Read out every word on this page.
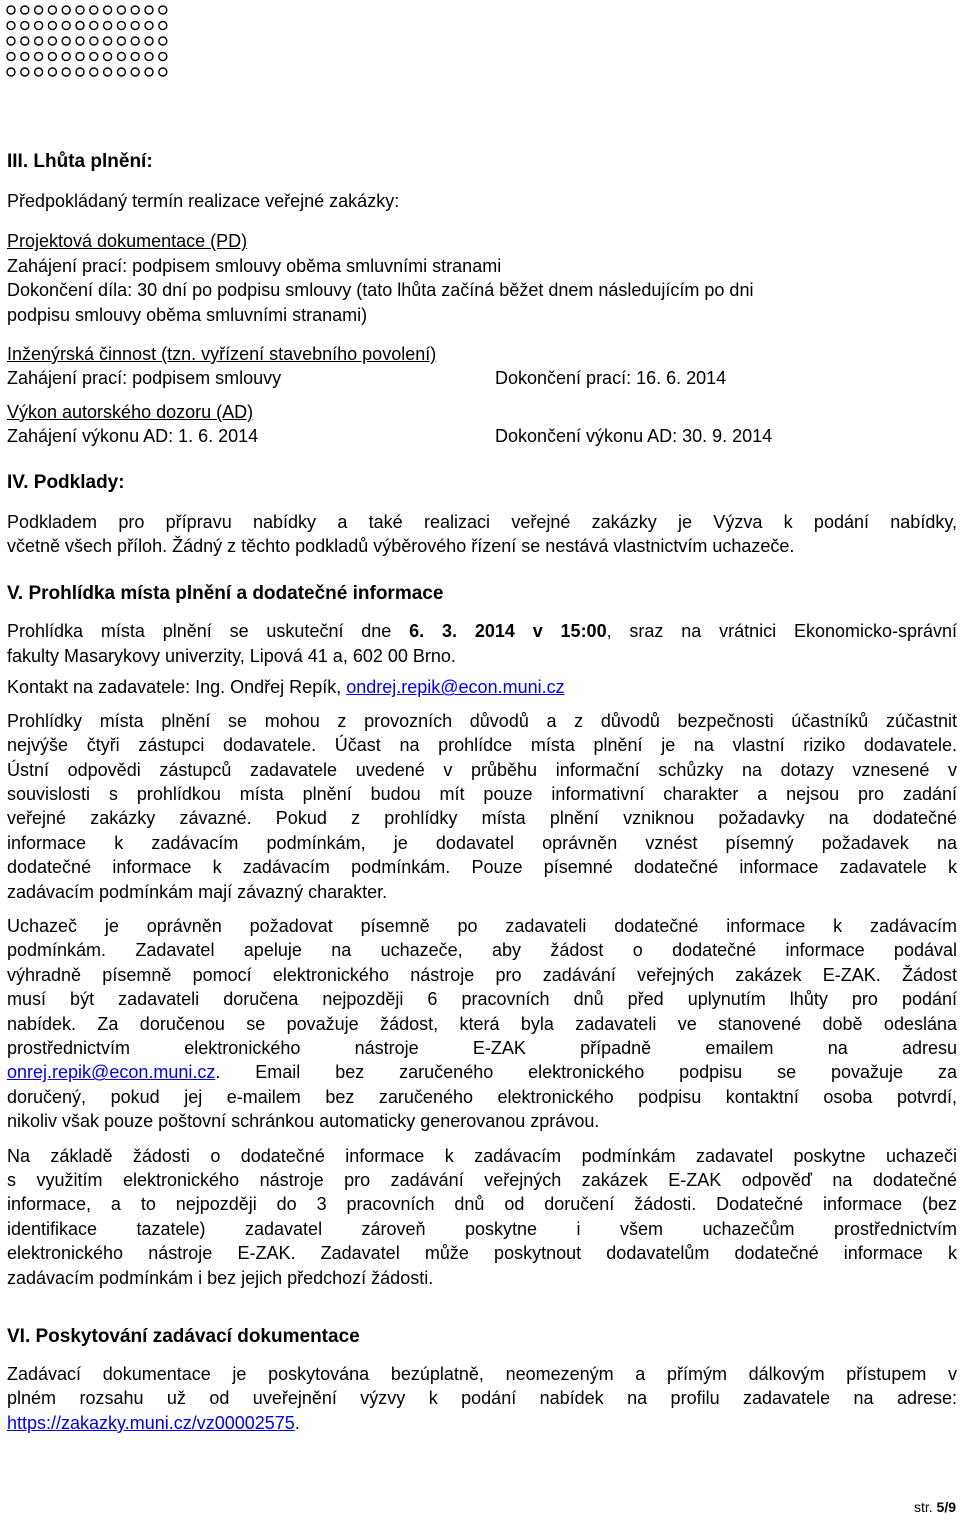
III. Lhůta plnění:

Předpokládaný termín realizace veřejné zakázky:

Projektová dokumentace (PD)

Zahájení prací: podpisem smlouvy oběma smluvními stranami

Dokončení díla: 30 dní po podpisu smlouvy (tato lhůta začíná běžet dnem následujícím po dni

podpisu smlouvy oběma smluvními stranami)

Inženýrská činnost (tzn. vyřízení stavebního povolení)

Zahájení prací: podpisem smlouvy	Dokončení prací: 16. 6. 2014

Výkon autorského dozoru (AD)

Zahájení výkonu AD: 1. 6. 2014	Dokončení výkonu AD: 30. 9. 2014

IV. Podklady:

Podkladem pro přípravu nabídky a také realizaci veřejné zakázky je Výzva k podání nabídky,

včetně všech příloh. Žádný z těchto podkladů výběrového řízení se nestává vlastnictvím uchazeče.

V. Prohlídka místa plnění a dodatečné informace

Prohlídka místa plnění se uskuteční dne 6. 3. 2014 v 15:00, sraz na vrátnici Ekonomicko-správní

fakulty Masarykovy univerzity, Lipová 41 a, 602 00 Brno.

Kontakt na zadavatele: Ing. Ondřej Repík, ondrej.repik@econ.muni.cz

Prohlídky místa plnění se mohou z provozních důvodů a z důvodů bezpečnosti účastníků zúčastnit

nejvýše čtyři zástupci dodavatele. Účast na prohlídce místa plnění je na vlastní riziko dodavatele.

Ústní odpovědi zástupců zadavatele uvedené v průběhu informační schůzky na dotazy vznesené v

souvislosti s prohlídkou místa plnění budou mít pouze informativní charakter a nejsou pro zadání

veřejné zakázky závazné. Pokud z prohlídky místa plnění vzniknou požadavky na dodatečné

informace k zadávacím podmínkám, je dodavatel oprávněn vznést písemný požadavek na

dodatečné informace k zadávacím podmínkám. Pouze písemné dodatečné informace zadavatele k

zadávacím podmínkám mají závazný charakter.

Uchazeč je oprávněn požadovat písemně po zadavateli dodatečné informace k zadávacím

podmínkám. Zadavatel apeluje na uchazeče, aby žádost o dodatečné informace podával

výhradně písemně pomocí elektronického nástroje pro zadávání veřejných zakázek E-ZAK. Žádost

musí být zadavateli doručena nejpozději 6 pracovních dnů před uplynutím lhůty pro podání

nabídek. Za doručenou se považuje žádost, která byla zadavateli ve stanovené době odeslána

prostřednictvím elektronického nástroje E-ZAK případně emailem na adresu

onrej.repik@econ.muni.cz. Email bez zaručeného elektronického podpisu se považuje za

doručený, pokud jej e-mailem bez zaručeného elektronického podpisu kontaktní osoba potvrdí,

nikoliv však pouze poštovní schránkou automaticky generovanou zprávou.

Na základě žádosti o dodatečné informace k zadávacím podmínkám zadavatel poskytne uchazeči

s využitím elektronického nástroje pro zadávání veřejných zakázek E-ZAK odpověď na dodatečné

informace, a to nejpozději do 3 pracovních dnů od doručení žádosti. Dodatečné informace (bez

identifikace tazatele) zadavatel zároveň poskytne i všem uchazečům prostřednictvím

elektronického nástroje E-ZAK. Zadavatel může poskytnout dodavatelům dodatečné informace k

zadávacím podmínkám i bez jejich předchozí žádosti.

VI. Poskytování zadávací dokumentace

Zadávací dokumentace je poskytována bezúplatně, neomezeným a přímým dálkovým přístupem v

plném rozsahu už od uveřejnění výzvy k podání nabídek na profilu zadavatele na adrese:

https://zakazky.muni.cz/vz00002575.

str. 5/9
